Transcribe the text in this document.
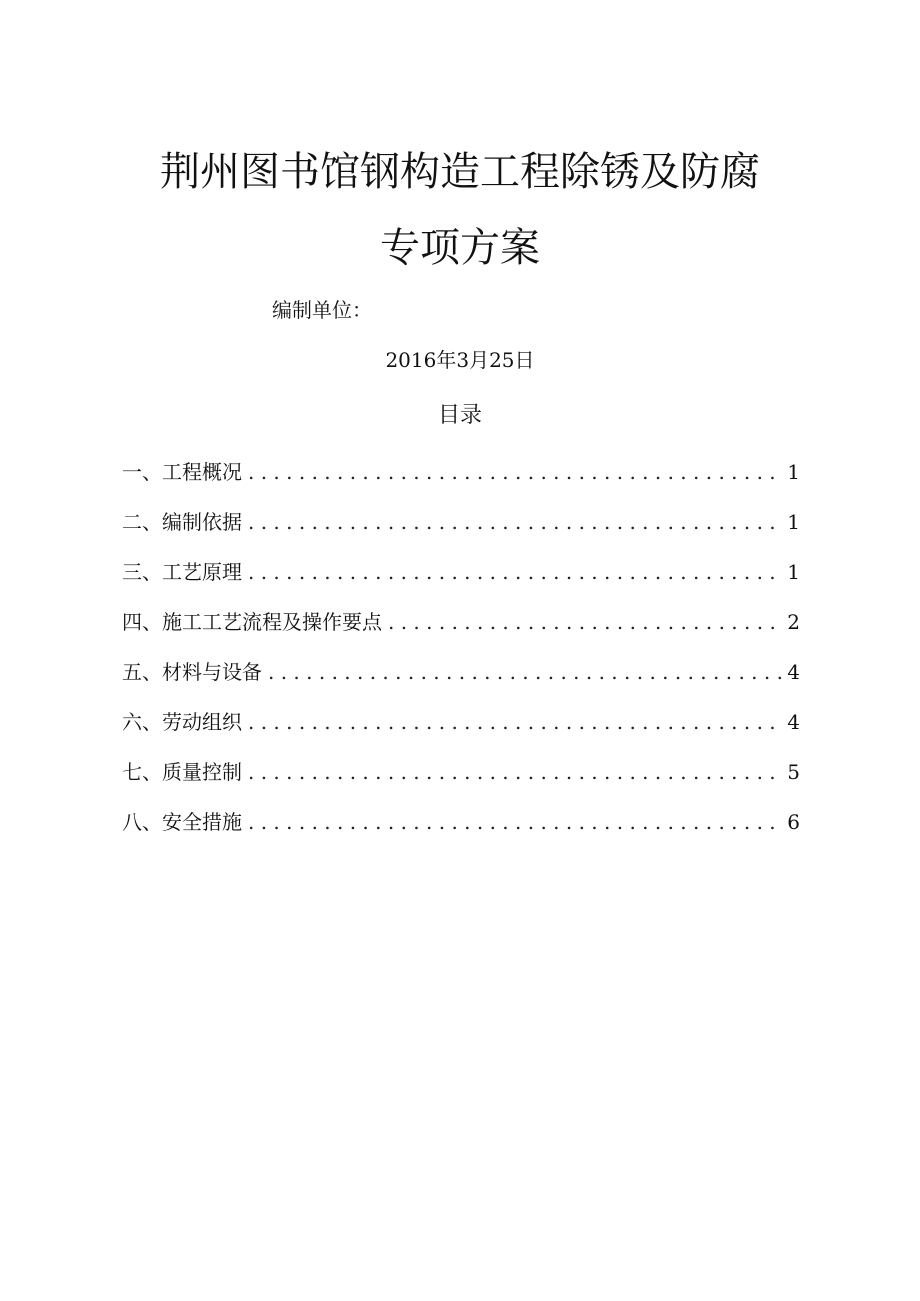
荆州图书馆钢构造工程除锈及防腐
专项方案
编制单位：
2016年3月25日
目录
一、工程概况 . . .	1
二、编制依据 . . .	1
三、工艺原理 . . .	1
四、施工工艺流程及操作要点 . . .	2
五、材料与设备 . . .	4
六、劳动组织 . . .	4
七、质量控制 . . .	5
八、安全措施 . . .	6
